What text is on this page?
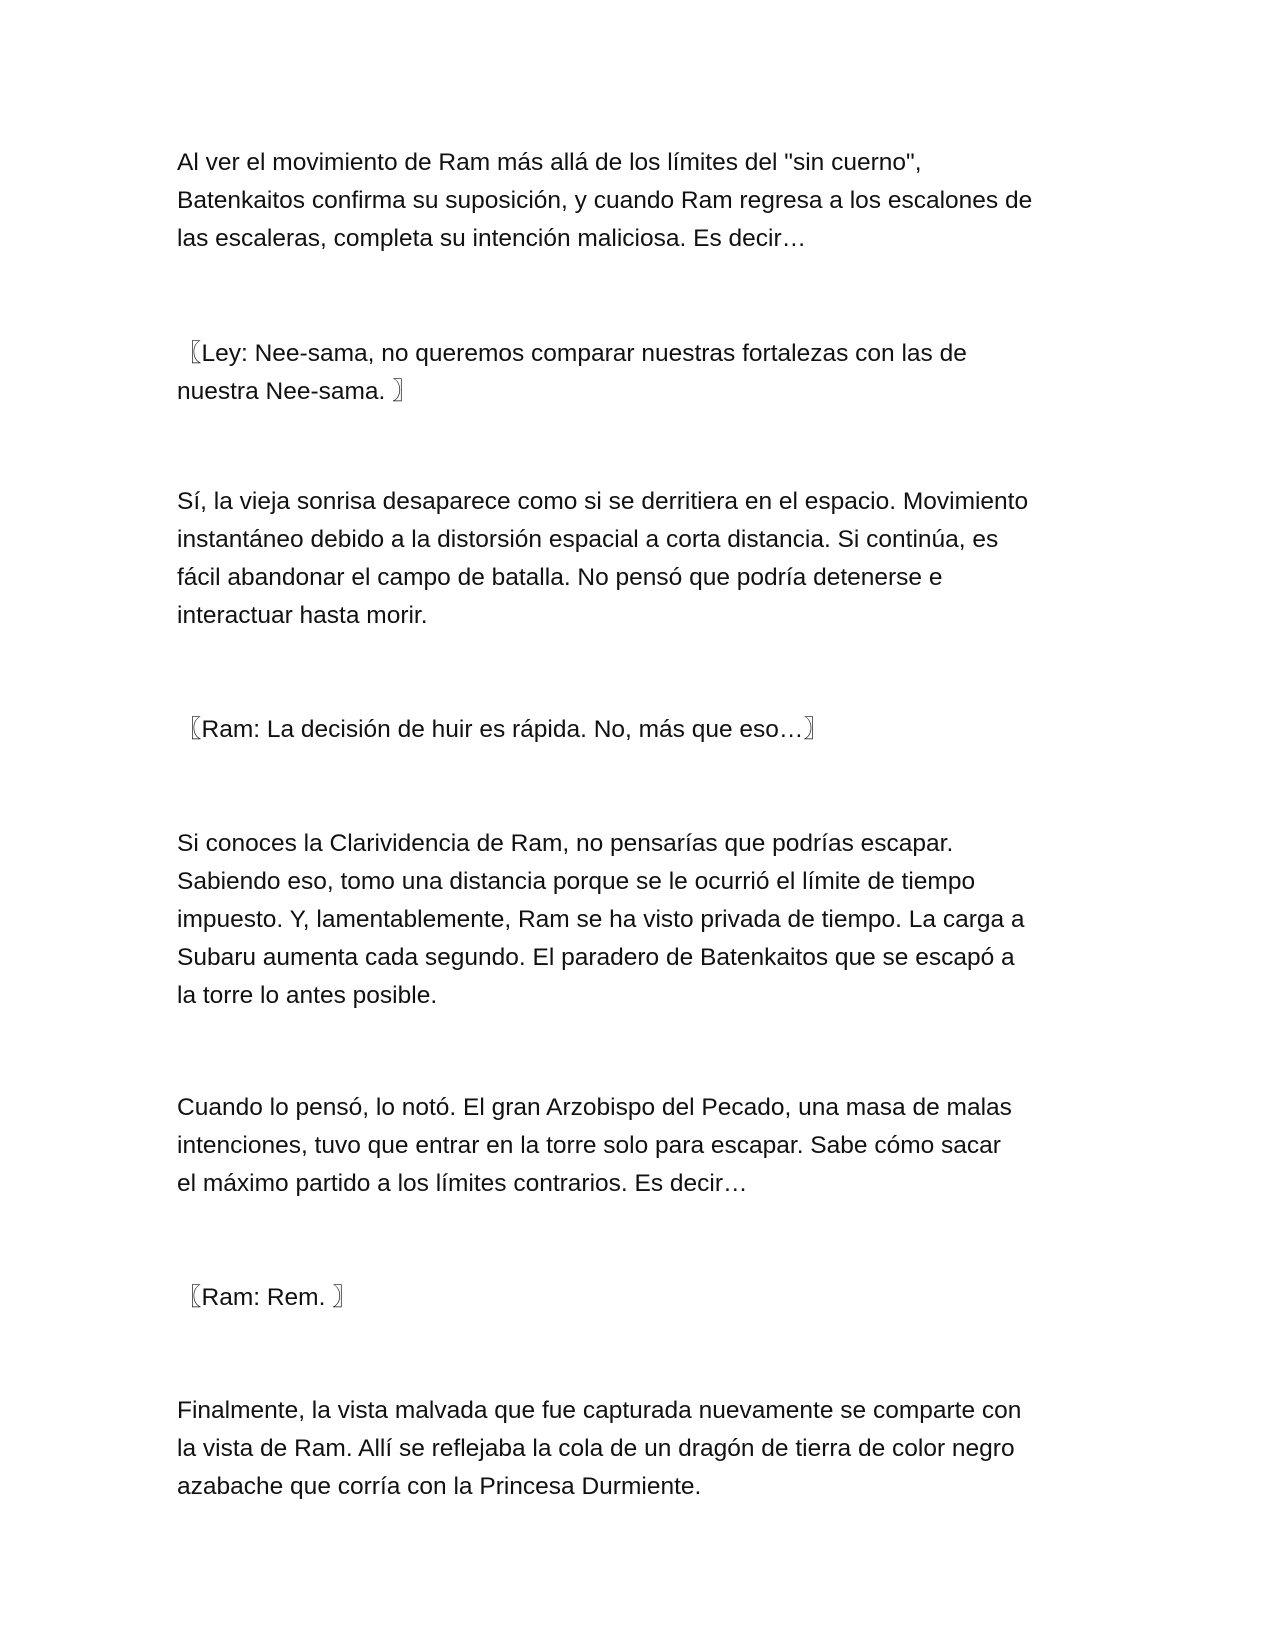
Al ver el movimiento de Ram más allá de los límites del "sin cuerno",
Batenkaitos confirma su suposición, y cuando Ram regresa a los escalones de
las escaleras, completa su intención maliciosa. Es decir…

〖Ley: Nee-sama, no queremos comparar nuestras fortalezas con las de
nuestra Nee-sama. 〗

Sí, la vieja sonrisa desaparece como si se derritiera en el espacio. Movimiento
instantáneo debido a la distorsión espacial a corta distancia. Si continúa, es
fácil abandonar el campo de batalla. No pensó que podría detenerse e
interactuar hasta morir.

〖Ram: La decisión de huir es rápida. No, más que eso…〗

Si conoces la Clarividencia de Ram, no pensarías que podrías escapar.
Sabiendo eso, tomo una distancia porque se le ocurrió el límite de tiempo
impuesto. Y, lamentablemente, Ram se ha visto privada de tiempo. La carga a
Subaru aumenta cada segundo. El paradero de Batenkaitos que se escapó a
la torre lo antes posible.

Cuando lo pensó, lo notó. El gran Arzobispo del Pecado, una masa de malas
intenciones, tuvo que entrar en la torre solo para escapar. Sabe cómo sacar
el máximo partido a los límites contrarios. Es decir…

〖Ram: Rem. 〗

Finalmente, la vista malvada que fue capturada nuevamente se comparte con
la vista de Ram. Allí se reflejaba la cola de un dragón de tierra de color negro
azabache que corría con la Princesa Durmiente.
